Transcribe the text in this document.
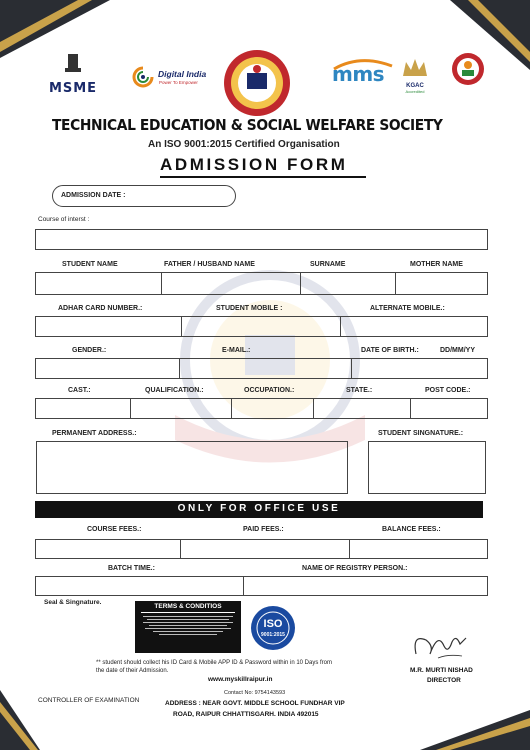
MSME
Digital India
Power To Empower	mms	KGAC
Accredited
TECHNICAL EDUCATION & SOCIAL WELFARE SOCIETY
An ISO 9001:2015 Certified Organisation
ADMISSION FORM
ADMISSION DATE :
Course of interst :
STUDENT NAME	FATHER / HUSBAND NAME	SURNAME	MOTHER NAME
ADHAR CARD NUMBER.:	STUDENT MOBILE :	ALTERNATE MOBILE.:
GENDER.:	E-MAIL.:	DATE OF BIRTH.:	DD/MM/YY
CAST.:	QUALIFICATION.:	OCCUPATION.:	STATE.:	POST CODE.:
PERMANENT ADDRESS.:	STUDENT SINGNATURE.:
ONLY FOR OFFICE USE
COURSE FEES.:	PAID FEES.:	BALANCE FEES.:
BATCH TIME.:	NAME OF REGISTRY PERSON.:
Seal & Singnature.
TERMS & CONDITIOS
ISO
9001:2015
** student should collect his ID Card & Mobile APP ID & Password within in 10 Days from the date of their Admission.
www.myskillraipur.in
Contact No: 9754143593
ADDRESS : NEAR GOVT. MIDDLE SCHOOL FUNDHAR VIP
ROAD, RAIPUR CHHATTISGARH. INDIA 492015
CONTROLLER OF EXAMINATION
M.R. MURTI NISHAD
DIRECTOR
